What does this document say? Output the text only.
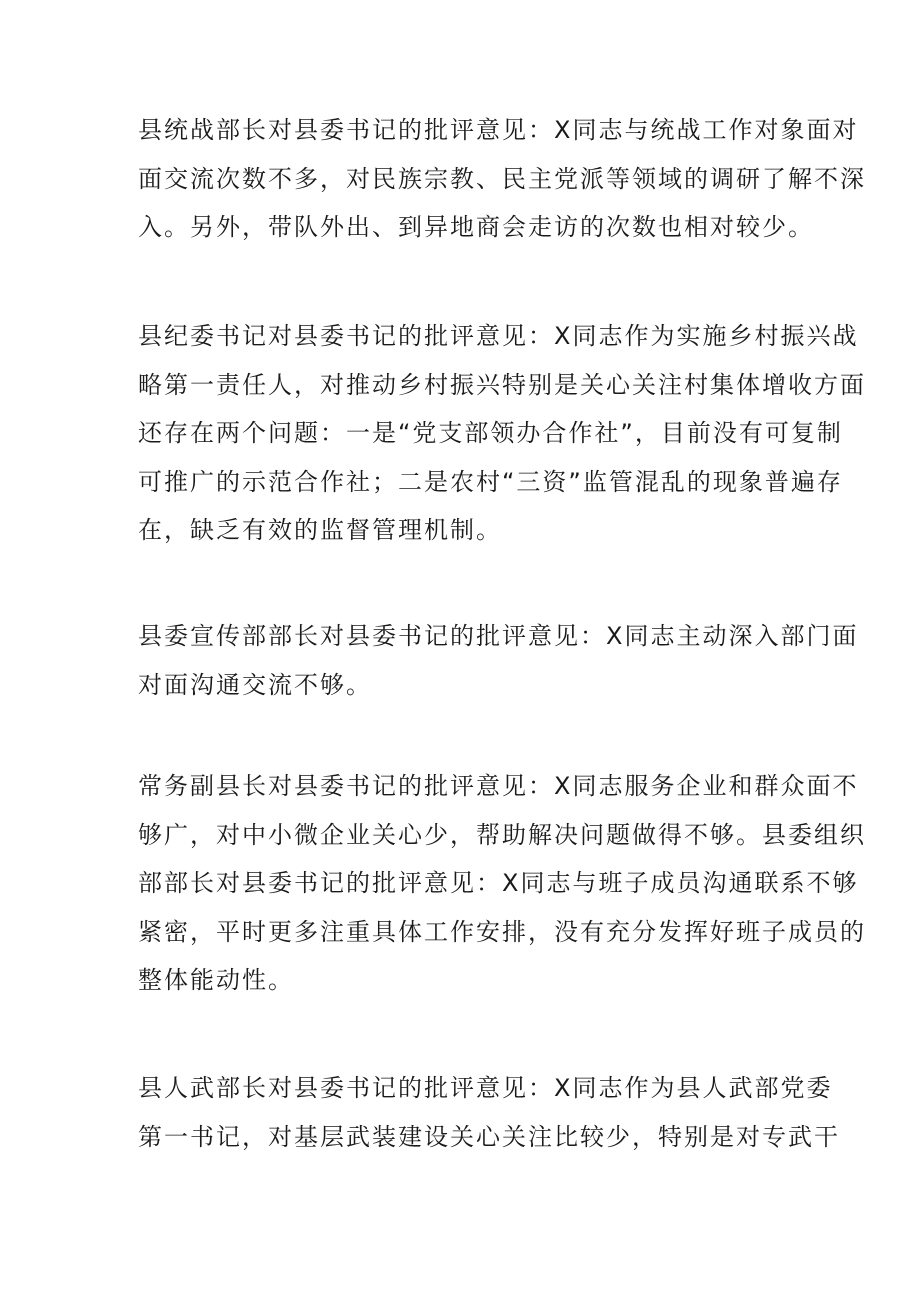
县统战部长对县委书记的批评意见：X同志与统战工作对象面对
面交流次数不多，对民族宗教、民主党派等领域的调研了解不深
入。另外，带队外出、到异地商会走访的次数也相对较少。

县纪委书记对县委书记的批评意见：X同志作为实施乡村振兴战
略第一责任人，对推动乡村振兴特别是关心关注村集体增收方面
还存在两个问题：一是“党支部领办合作社”，目前没有可复制
可推广的示范合作社；二是农村“三资”监管混乱的现象普遍存
在，缺乏有效的监督管理机制。

县委宣传部部长对县委书记的批评意见：X同志主动深入部门面
对面沟通交流不够。

常务副县长对县委书记的批评意见：X同志服务企业和群众面不
够广，对中小微企业关心少，帮助解决问题做得不够。县委组织
部部长对县委书记的批评意见：X同志与班子成员沟通联系不够
紧密，平时更多注重具体工作安排，没有充分发挥好班子成员的
整体能动性。

县人武部长对县委书记的批评意见：X同志作为县人武部党委
第一书记，对基层武装建设关心关注比较少，特别是对专武干
